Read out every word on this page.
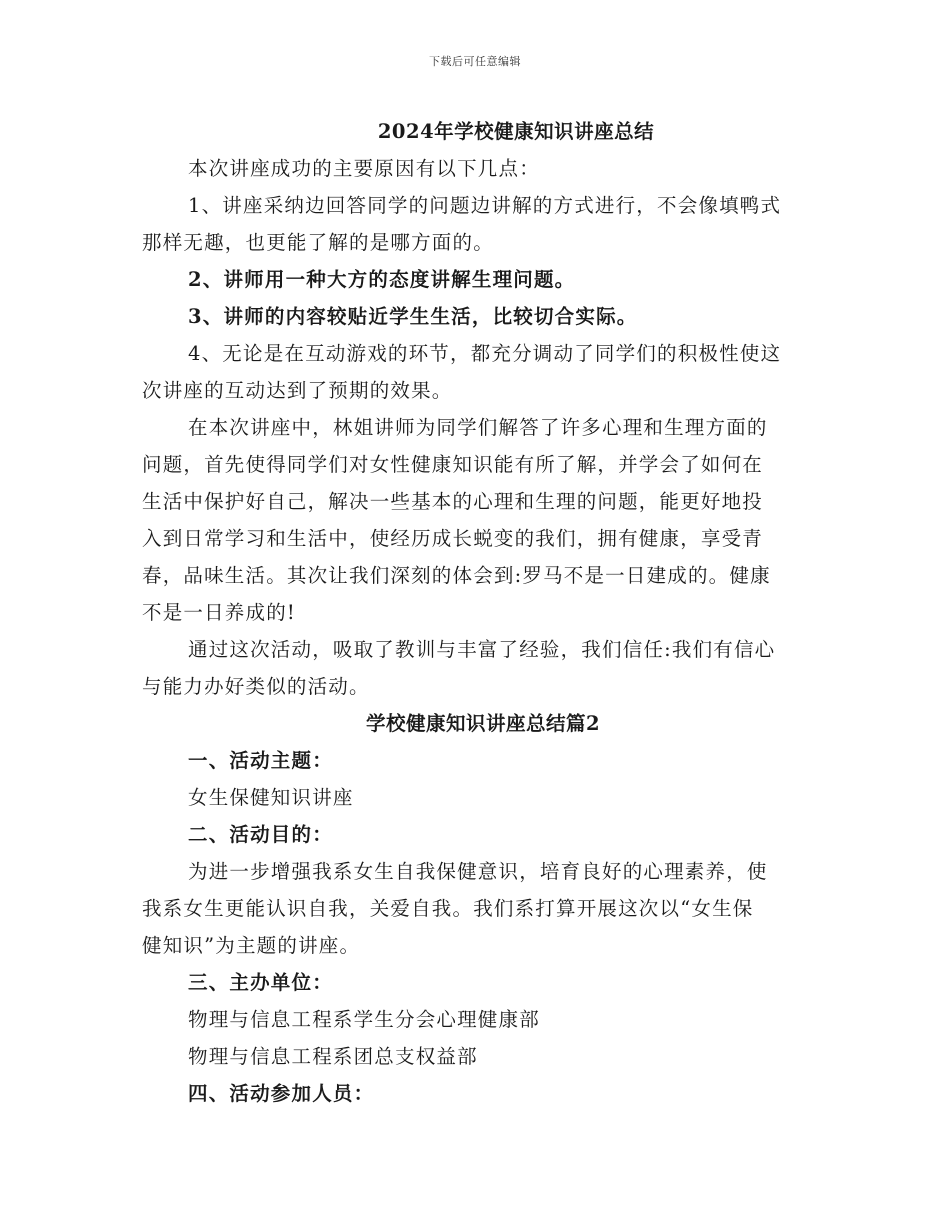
下载后可任意编辑
2024年学校健康知识讲座总结
本次讲座成功的主要原因有以下几点：
1、讲座采纳边回答同学的问题边讲解的方式进行，不会像填鸭式
那样无趣，也更能了解的是哪方面的。
2、讲师用一种大方的态度讲解生理问题。
3、讲师的内容较贴近学生生活，比较切合实际。
4、无论是在互动游戏的环节，都充分调动了同学们的积极性使这
次讲座的互动达到了预期的效果。
在本次讲座中，林姐讲师为同学们解答了许多心理和生理方面的
问题，首先使得同学们对女性健康知识能有所了解，并学会了如何在
生活中保护好自己，解决一些基本的心理和生理的问题，能更好地投
入到日常学习和生活中，使经历成长蜕变的我们，拥有健康，享受青
春，品味生活。其次让我们深刻的体会到:罗马不是一日建成的。健康
不是一日养成的!
通过这次活动，吸取了教训与丰富了经验，我们信任:我们有信心
与能力办好类似的活动。
学校健康知识讲座总结篇2
一、活动主题：
女生保健知识讲座
二、活动目的：
为进一步增强我系女生自我保健意识，培育良好的心理素养，使
我系女生更能认识自我，关爱自我。我们系打算开展这次以“女生保
健知识”为主题的讲座。
三、主办单位：
物理与信息工程系学生分会心理健康部
物理与信息工程系团总支权益部
四、活动参加人员：
